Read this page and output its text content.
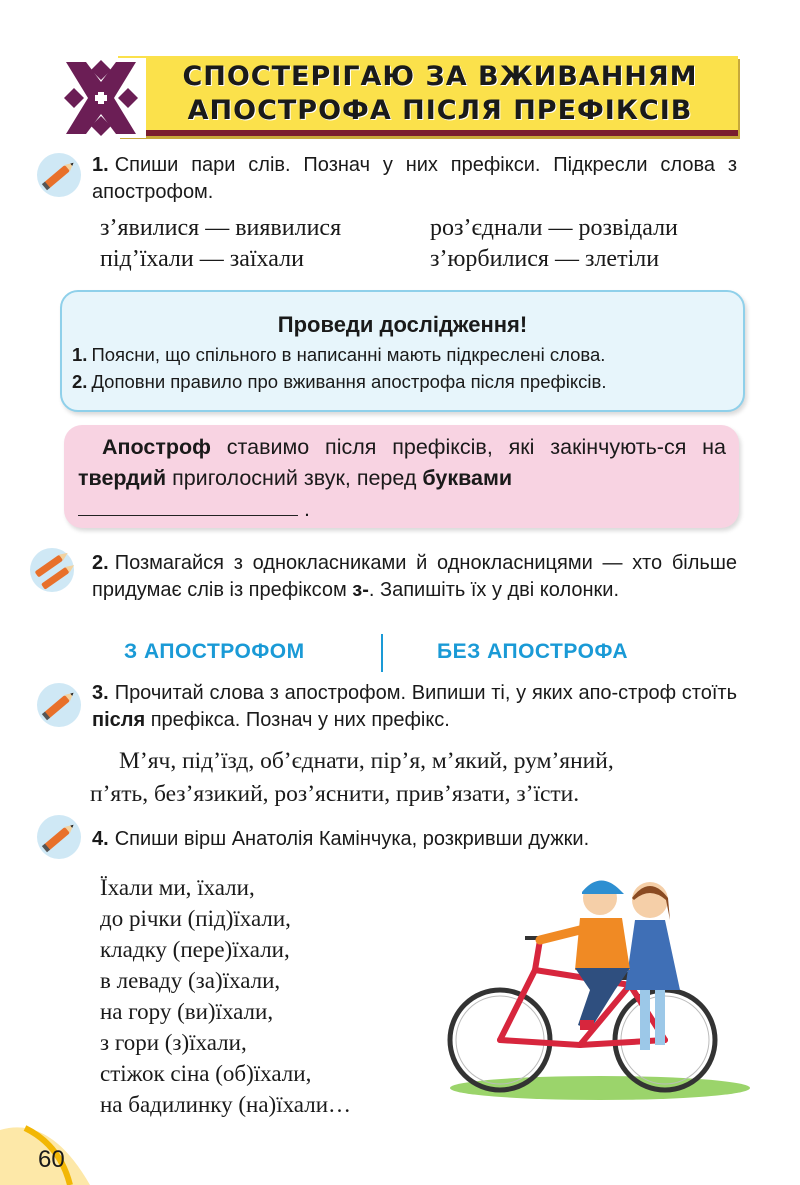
СПОСТЕРІГАЮ ЗА ВЖИВАННЯМ
АПОСТРОФА ПІСЛЯ ПРЕФІКСІВ
1. Спиши пари слів. Познач у них префікси. Підкресли слова з апострофом.
з’явилися — виявилися	роз’єднали — розвідали
під’їхали — заїхали	з’юрбилися — злетіли
Проведи дослідження!
1. Поясни, що спільного в написанні мають підкреслені слова.
2. Доповни правило про вживання апострофа після префіксів.
Апостроф ставимо після префіксів, які закінчують-ся на твердий приголосний звук, перед буквами
.
2. Позмагайся з однокласниками й однокласницями — хто більше придумає слів із префіксом з-. Запишіть їх у дві колонки.
З АПОСТРОФОМ	БЕЗ АПОСТРОФА
3. Прочитай слова з апострофом. Випиши ті, у яких апо-строф стоїть після префікса. Познач у них префікс.
М’яч, під’їзд, об’єднати, пір’я, м’який, рум’яний,
п’ять, без’язикий, роз’яснити, прив’язати, з’їсти.
4. Спиши вірш Анатолія Камінчука, розкривши дужки.
Їхали ми, їхали,
до річки (під)їхали,
кладку (пере)їхали,
в леваду (за)їхали,
на гору (ви)їхали,
з гори (з)їхали,
стіжок сіна (об)їхали,
на бадилинку (на)їхали…
60
